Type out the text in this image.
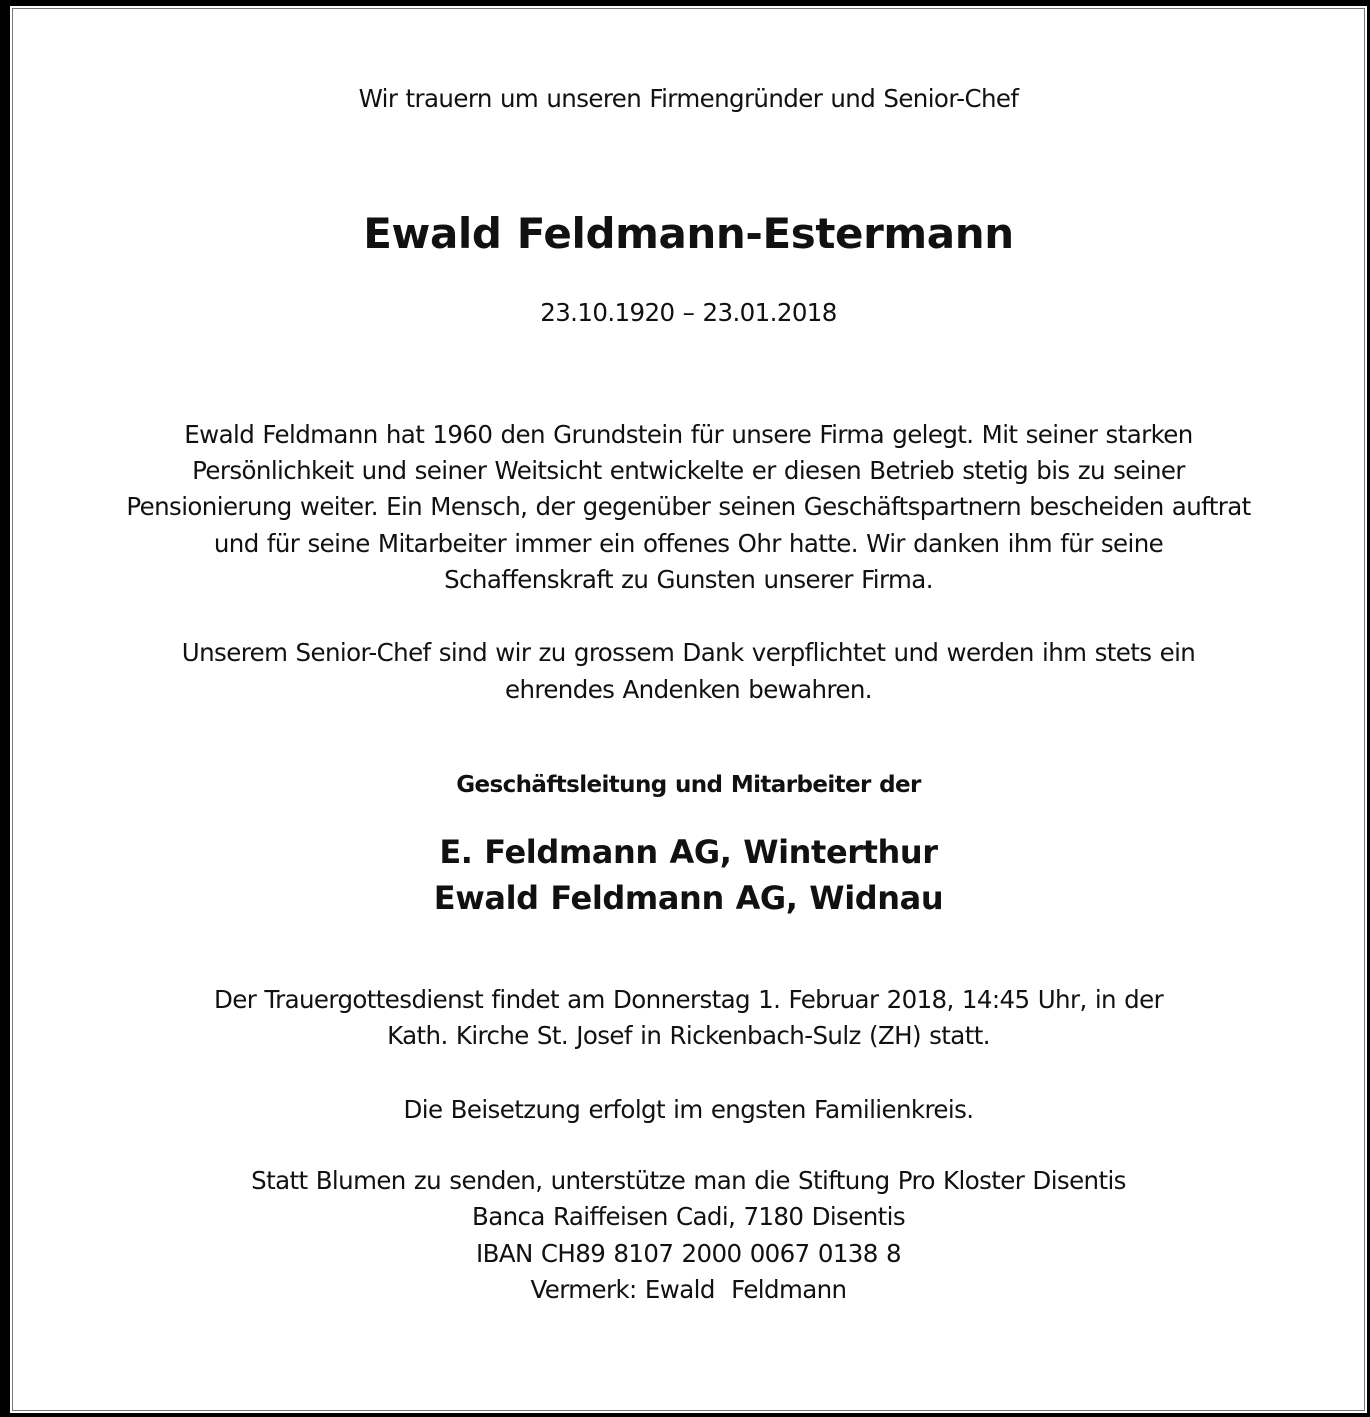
Wir trauern um unseren Firmengründer und Senior-Chef
Ewald Feldmann-Estermann
23.10.1920 – 23.01.2018
Ewald Feldmann hat 1960 den Grundstein für unsere Firma gelegt. Mit seiner starken
Persönlichkeit und seiner Weitsicht entwickelte er diesen Betrieb stetig bis zu seiner
Pensionierung weiter. Ein Mensch, der gegenüber seinen Geschäftspartnern bescheiden auftrat
und für seine Mitarbeiter immer ein offenes Ohr hatte. Wir danken ihm für seine
Schaffenskraft zu Gunsten unserer Firma.
Unserem Senior-Chef sind wir zu grossem Dank verpflichtet und werden ihm stets ein
ehrendes Andenken bewahren.
Geschäftsleitung und Mitarbeiter der
E. Feldmann AG, Winterthur
Ewald Feldmann AG, Widnau
Der Trauergottesdienst findet am Donnerstag 1. Februar 2018, 14:45 Uhr, in der
Kath. Kirche St. Josef in Rickenbach-Sulz (ZH) statt.
Die Beisetzung erfolgt im engsten Familienkreis.
Statt Blumen zu senden, unterstütze man die Stiftung Pro Kloster Disentis
Banca Raiffeisen Cadi, 7180 Disentis
IBAN CH89 8107 2000 0067 0138 8
Vermerk: Ewald  Feldmann
